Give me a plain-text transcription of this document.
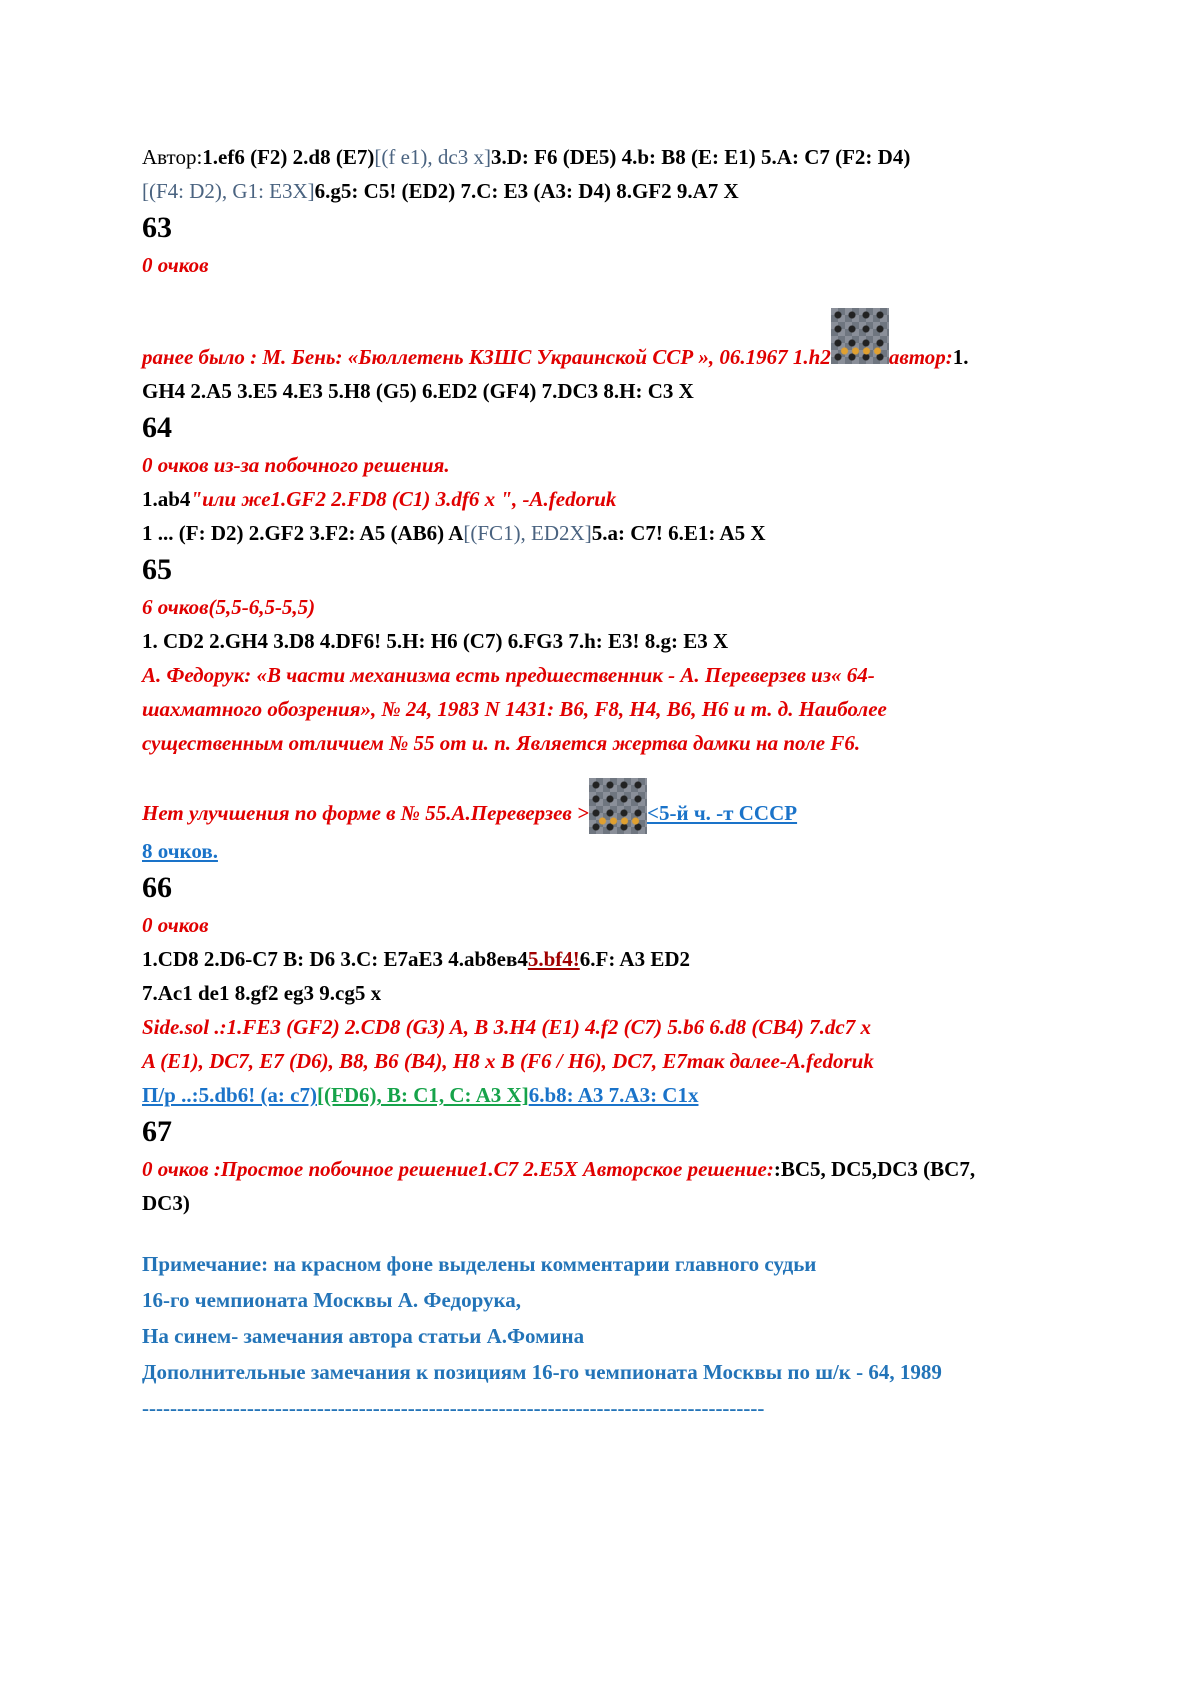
Автор:1.ef6 (F2) 2.d8 (E7)[(f e1), dc3 x]3.D: F6 (DE5) 4.b: B8 (E: E1) 5.A: C7 (F2: D4)
[(F4: D2), G1: E3X]6.g5: C5! (ED2) 7.C: E3 (A3: D4) 8.GF2 9.A7 X
63
0 очков
ранее было : М. Бень: «Бюллетень КЗШС Украинской ССР », 06.1967 1.h2	автор:1.
GH4 2.A5 3.E5 4.E3 5.H8 (G5) 6.ED2 (GF4) 7.DC3 8.H: C3 X
64
0 очков из-за побочного решения.
1.ab4"или же1.GF2 2.FD8 (C1) 3.df6 x ", -A.fedoruk
1 ... (F: D2) 2.GF2 3.F2: A5 (AB6) A[(FC1), ED2X]5.a: C7! 6.E1: A5 X
65
6 очков(5,5-6,5-5,5)
1. CD2 2.GH4 3.D8 4.DF6! 5.H: H6 (C7) 6.FG3 7.h: E3! 8.g: E3 X
А. Федорук: «В части механизма есть предшественник - А. Переверзев из« 64-
шахматного обозрения», № 24, 1983 N 1431: B6, F8, H4, B6, H6 и т. д. Наиболее
существенным отличием № 55 от и. п. Является жертва дамки на поле F6.
Нет улучшения по форме в № 55.А.Переверзев >	<5-й ч. -т СССР
8 очков.
66
0 очков
1.CD8 2.D6-C7 B: D6 3.C: E7aE3 4.ab8ев45.bf4!6.F: A3 ED2
7.Ac1 de1 8.gf2 eg3 9.cg5 x
Side.sol .:1.FE3 (GF2) 2.CD8 (G3) A, B 3.H4 (E1) 4.f2 (C7) 5.b6 6.d8 (CB4) 7.dc7 x
A (E1), DC7, E7 (D6), B8, B6 (B4), H8 x B (F6 / H6), DC7, E7так далее-A.fedoruk
П/р ..:5.db6! (a: c7)[(FD6), B: C1, C: A3 X]6.b8: A3 7.A3: C1x
67
0 очков :Простое побочное решение1.C7 2.E5X Авторское решение::BC5, DC5,DC3 (BC7,
DC3)
Примечание: на красном фоне выделены комментарии главного судьи
16-го чемпионата Москвы А. Федорука,
На синем- замечания автора статьи А.Фомина
Дополнительные замечания к позициям 16-го чемпионата Москвы по ш/к - 64, 1989
-----------------------------------------------------------------------------------------
